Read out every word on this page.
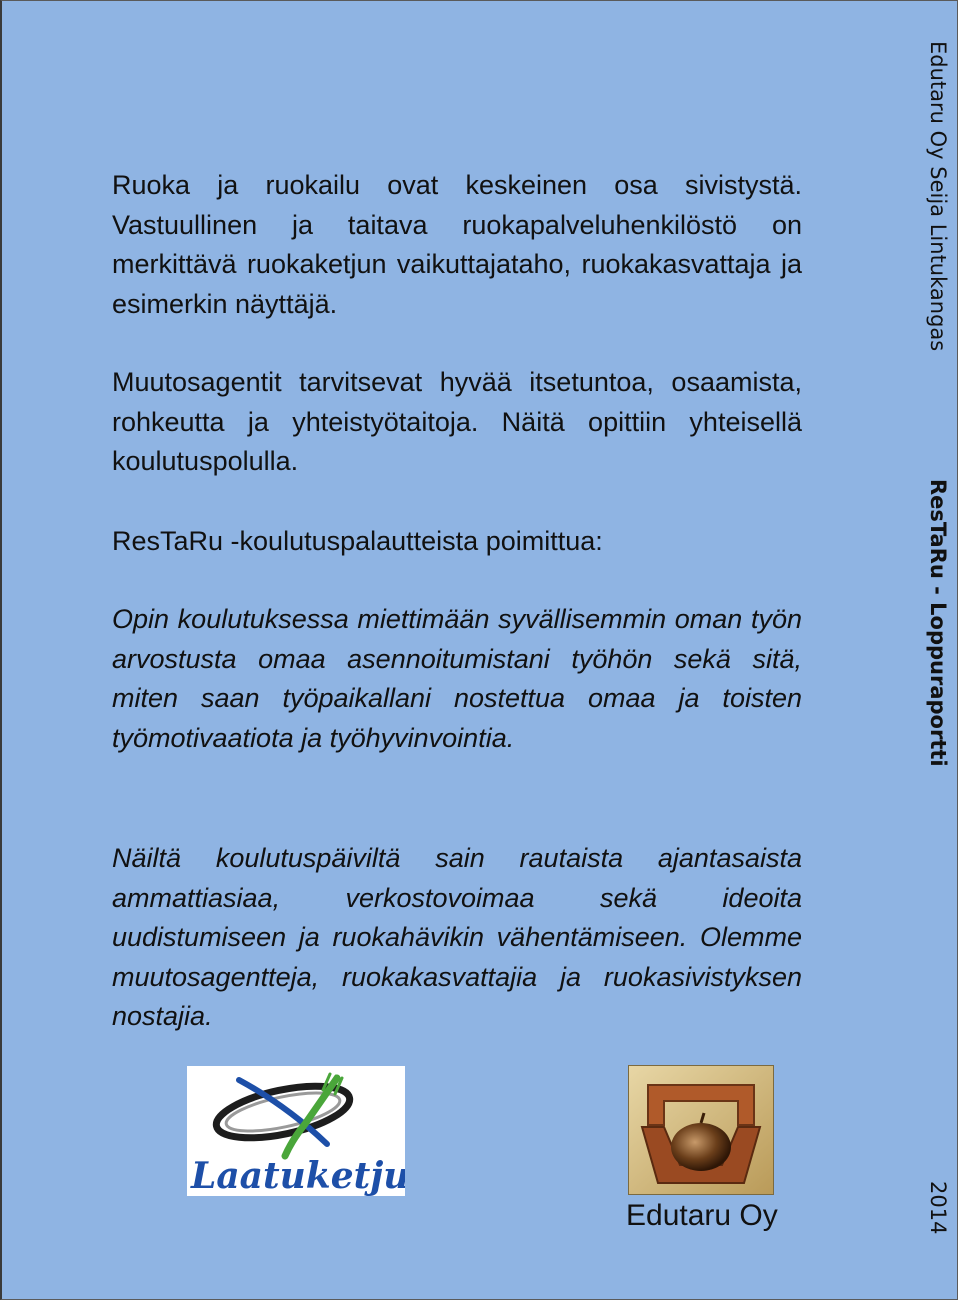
Ruoka ja ruokailu ovat keskeinen osa sivistystä. Vastuullinen ja taitava ruokapalveluhenkilöstö on merkittävä ruokaketjun vaikuttajataho, ruokakasvattaja ja esimerkin näyttäjä.
Muutosagentit tarvitsevat hyvää itsetuntoa, osaamista, rohkeutta ja yhteistyötaitoja. Näitä opittiin yhteisellä koulutuspolulla.
ResTaRu -koulutuspalautteista poimittua:
Opin koulutuksessa miettimään syvällisemmin oman työn arvostusta omaa asennoitumistani työhön sekä sitä, miten saan työpaikallani nostettua omaa ja toisten työmotivaatiota ja työhyvinvointia.
Näiltä koulutuspäiviltä sain rautaista ajantasaista ammattiasiaa, verkostovoimaa sekä ideoita uudistumiseen ja ruokahävikin vähentämiseen. Olemme muutosagentteja, ruokakasvattajia ja ruokasivistyksen nostajia.
Edutaru Oy Seija Lintukangas
ResTaRu - Loppuraportti
2014
Laatuketju
Edutaru Oy
